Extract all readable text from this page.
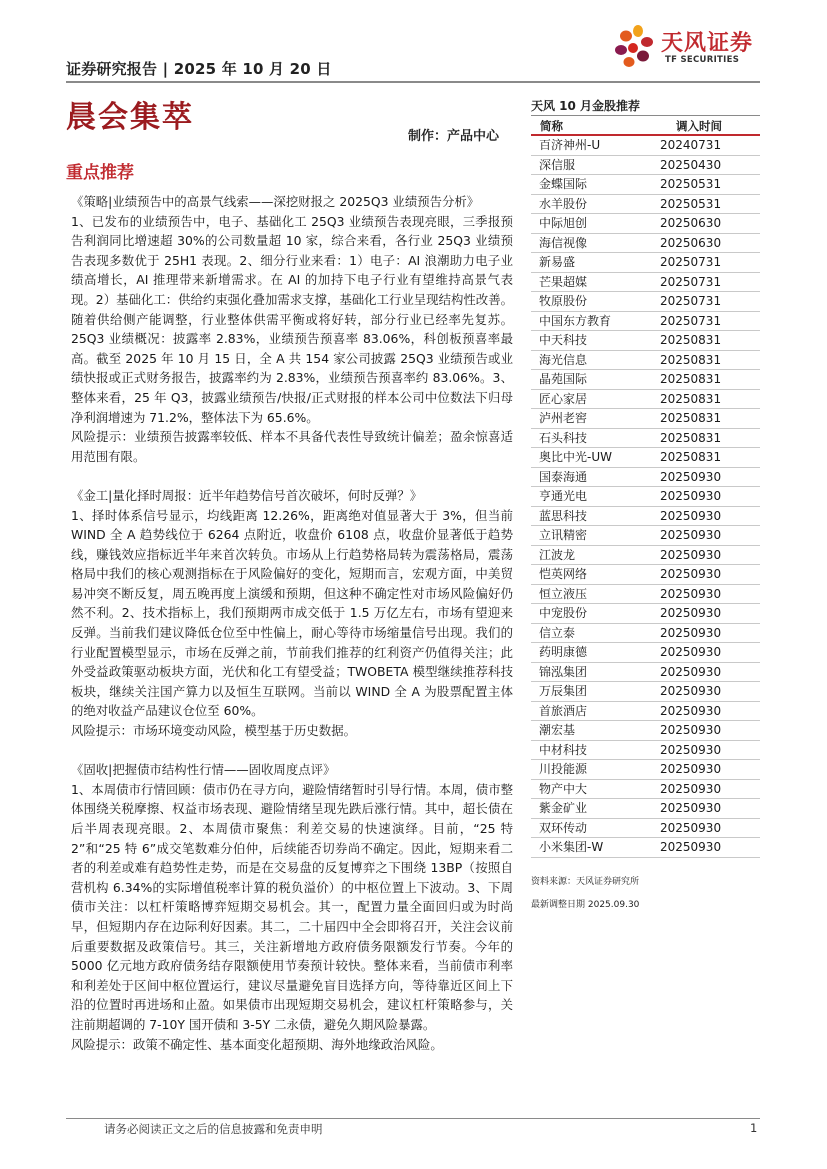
证券研究报告 | 2025 年 10 月 20 日
天风证券
TF SECURITIES
晨会集萃
制作：产品中心
重点推荐

《策略|业绩预告中的高景气线索——深挖财报之 2025Q3 业绩预告分析》

1、已发布的业绩预告中，电子、基础化工 25Q3 业绩预告表现亮眼，三季报预告利润同比增速超 30%的公司数量超 10 家，综合来看，各行业 25Q3 业绩预告表现多数优于 25H1 表现。2、细分行业来看：1）电子：AI 浪潮助力电子业绩高增长，AI 推理带来新增需求。在 AI 的加持下电子行业有望维持高景气表现。2）基础化工：供给约束强化叠加需求支撑，基础化工行业呈现结构性改善。随着供给侧产能调整，行业整体供需平衡或将好转，部分行业已经率先复苏。25Q3 业绩概况：披露率 2.83%，业绩预告预喜率 83.06%，科创板预喜率最高。截至 2025 年 10 月 15 日，全 A 共 154 家公司披露 25Q3 业绩预告或业绩快报或正式财务报告，披露率约为 2.83%，业绩预告预喜率约 83.06%。3、整体来看，25 年 Q3，披露业绩预告/快报/正式财报的样本公司中位数法下归母净利润增速为 71.2%，整体法下为 65.6%。

风险提示：业绩预告披露率较低、样本不具备代表性导致统计偏差；盈余惊喜适用范围有限。

《金工|量化择时周报：近半年趋势信号首次破坏，何时反弹？》

1、择时体系信号显示，均线距离 12.26%，距离绝对值显著大于 3%，但当前 WIND 全 A 趋势线位于 6264 点附近，收盘价 6108 点，收盘价显著低于趋势线，赚钱效应指标近半年来首次转负。市场从上行趋势格局转为震荡格局，震荡格局中我们的核心观测指标在于风险偏好的变化，短期而言，宏观方面，中美贸易冲突不断反复，周五晚再度上演缓和预期，但这种不确定性对市场风险偏好仍然不利。2、技术指标上，我们预期两市成交低于 1.5 万亿左右，市场有望迎来反弹。当前我们建议降低仓位至中性偏上，耐心等待市场缩量信号出现。我们的行业配置模型显示，市场在反弹之前，节前我们推荐的红利资产仍值得关注；此外受益政策驱动板块方面，光伏和化工有望受益；TWOBETA 模型继续推荐科技板块，继续关注国产算力以及恒生互联网。当前以 WIND 全 A 为股票配置主体的绝对收益产品建议仓位至 60%。

风险提示：市场环境变动风险，模型基于历史数据。

《固收|把握债市结构性行情——固收周度点评》

1、本周债市行情回顾：债市仍在寻方向，避险情绪暂时引导行情。本周，债市整体围绕关税摩擦、权益市场表现、避险情绪呈现先跌后涨行情。其中，超长债在后半周表现亮眼。2、本周债市聚焦：利差交易的快速演绎。目前，“25 特 2”和“25 特 6”成交笔数难分伯仲，后续能否切券尚不确定。因此，短期来看二者的利差或难有趋势性走势，而是在交易盘的反复博弈之下围绕 13BP（按照自营机构 6.34%的实际增值税率计算的税负溢价）的中枢位置上下波动。3、下周债市关注：以杠杆策略博弈短期交易机会。其一，配置力量全面回归或为时尚早，但短期内存在边际利好因素。其二，二十届四中全会即将召开，关注会议前后重要数据及政策信号。其三，关注新增地方政府债务限额发行节奏。今年的 5000 亿元地方政府债务结存限额使用节奏预计较快。整体来看，当前债市利率和利差处于区间中枢位置运行，建议尽量避免盲目选择方向，等待靠近区间上下沿的位置时再进场和止盈。如果债市出现短期交易机会，建议杠杆策略参与，关注前期超调的 7-10Y 国开债和 3-5Y 二永债，避免久期风险暴露。

风险提示：政策不确定性、基本面变化超预期、海外地缘政治风险。

天风 10 月金股推荐
简称	调入时间
百济神州-U	20240731
深信服	20250430
金蝶国际	20250531
水羊股份	20250531
中际旭创	20250630
海信视像	20250630
新易盛	20250731
芒果超媒	20250731
牧原股份	20250731
中国东方教育	20250731
中天科技	20250831
海光信息	20250831
晶苑国际	20250831
匠心家居	20250831
泸州老窖	20250831
石头科技	20250831
奥比中光-UW	20250831
国泰海通	20250930
亨通光电	20250930
蓝思科技	20250930
立讯精密	20250930
江波龙	20250930
恺英网络	20250930
恒立液压	20250930
中宠股份	20250930
信立泰	20250930
药明康德	20250930
锦泓集团	20250930
万辰集团	20250930
首旅酒店	20250930
潮宏基	20250930
中材科技	20250930
川投能源	20250930
物产中大	20250930
紫金矿业	20250930
双环传动	20250930
小米集团-W	20250930
资料来源：天风证券研究所
最新调整日期 2025.09.30
请务必阅读正文之后的信息披露和免责申明	1
